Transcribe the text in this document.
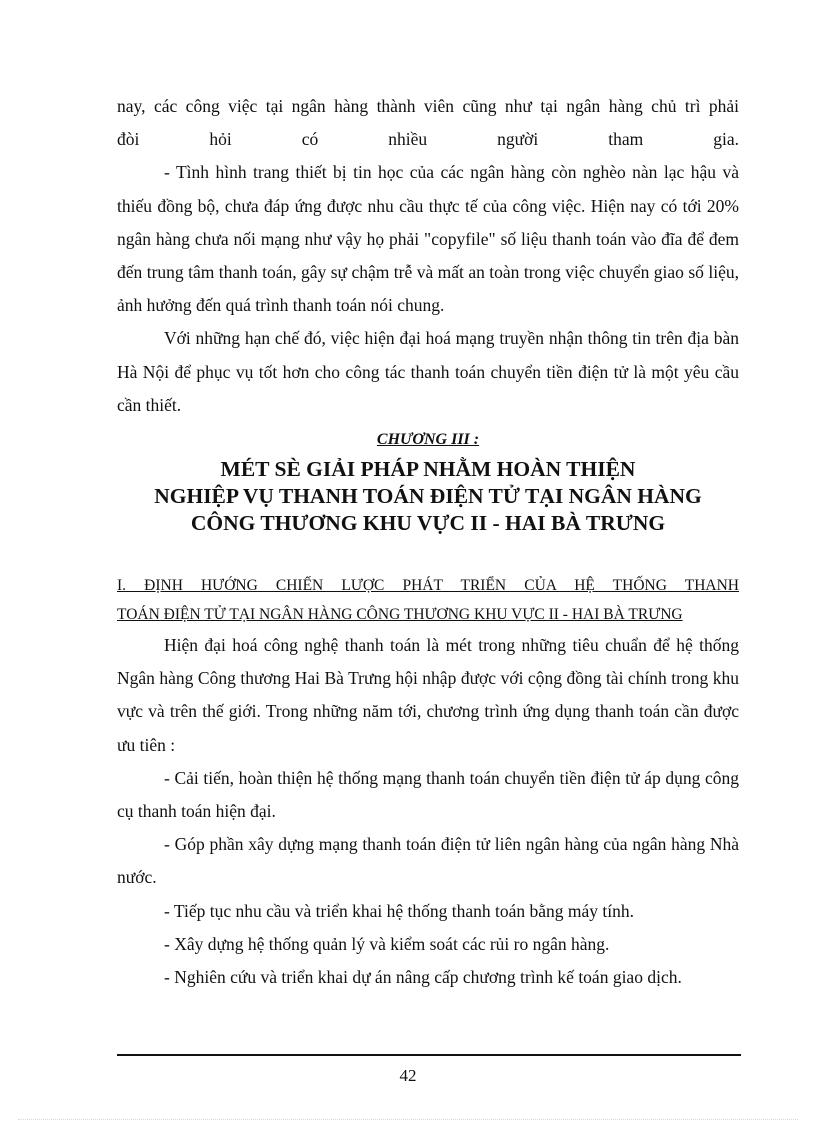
nay, các công việc tại ngân hàng thành viên cũng như tại ngân hàng chủ trì phải

đòi hỏi có nhiều người tham gia.

- Tình hình trang thiết bị tin học của các ngân hàng còn nghèo nàn lạc hậu và thiếu đồng bộ, chưa đáp ứng được nhu cầu thực tế của công việc. Hiện nay có tới 20% ngân hàng chưa nối mạng như vậy họ phải "copyfile" số liệu thanh toán vào đĩa để đem đến trung tâm thanh toán, gây sự chậm trễ và mất an toàn trong việc chuyển giao số liệu, ảnh hưởng đến quá trình thanh toán nói chung.

Với những hạn chế đó, việc hiện đại hoá mạng truyền nhận thông tin trên địa bàn Hà Nội để phục vụ tốt hơn cho công tác thanh toán chuyển tiền điện tử là một yêu cầu cần thiết.

CHƯƠNG III :
MÉT SÈ GIẢI PHÁP NHẰM HOÀN THIỆN
NGHIỆP VỤ THANH TOÁN ĐIỆN TỬ TẠI NGÂN HÀNG
CÔNG THƯƠNG KHU VỰC II - HAI BÀ TRƯNG
I. ĐỊNH HƯỚNG CHIẾN LƯỢC PHÁT TRIỂN CỦA HỆ THỐNG THANH
TOÁN ĐIỆN TỬ TẠI NGÂN HÀNG CÔNG THƯƠNG KHU VỰC II - HAI BÀ TRƯNG

Hiện đại hoá công nghệ thanh toán là mét trong những tiêu chuẩn để hệ thống Ngân hàng Công thương Hai Bà Trưng hội nhập được với cộng đồng tài chính trong khu vực và trên thế giới. Trong những năm tới, chương trình ứng dụng thanh toán cần được ưu tiên :

- Cải tiến, hoàn thiện hệ thống mạng thanh toán chuyển tiền điện tử áp dụng công cụ thanh toán hiện đại.

- Góp phần xây dựng mạng thanh toán điện tử liên ngân hàng của ngân hàng Nhà nước.

- Tiếp tục nhu cầu và triển khai hệ thống thanh toán bằng máy tính.

- Xây dựng hệ thống quản lý và kiểm soát các rủi ro ngân hàng.

- Nghiên cứu và triển khai dự án nâng cấp chương trình kế toán giao dịch.

42
